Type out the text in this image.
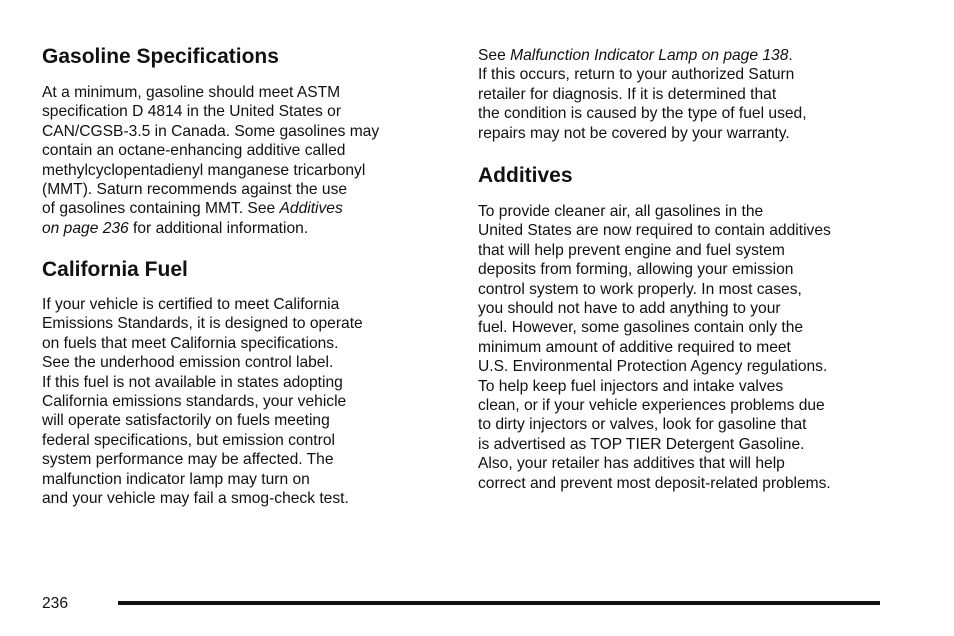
Gasoline Specifications

At a minimum, gasoline should meet ASTM
specification D 4814 in the United States or
CAN/CGSB-3.5 in Canada. Some gasolines may
contain an octane-enhancing additive called
methylcyclopentadienyl manganese tricarbonyl
(MMT). Saturn recommends against the use
of gasolines containing MMT. See Additives
on page 236 for additional information.

California Fuel

If your vehicle is certified to meet California
Emissions Standards, it is designed to operate
on fuels that meet California specifications.
See the underhood emission control label.
If this fuel is not available in states adopting
California emissions standards, your vehicle
will operate satisfactorily on fuels meeting
federal specifications, but emission control
system performance may be affected. The
malfunction indicator lamp may turn on
and your vehicle may fail a smog-check test.

See Malfunction Indicator Lamp on page 138.
If this occurs, return to your authorized Saturn
retailer for diagnosis. If it is determined that
the condition is caused by the type of fuel used,
repairs may not be covered by your warranty.

Additives

To provide cleaner air, all gasolines in the
United States are now required to contain additives
that will help prevent engine and fuel system
deposits from forming, allowing your emission
control system to work properly. In most cases,
you should not have to add anything to your
fuel. However, some gasolines contain only the
minimum amount of additive required to meet
U.S. Environmental Protection Agency regulations.
To help keep fuel injectors and intake valves
clean, or if your vehicle experiences problems due
to dirty injectors or valves, look for gasoline that
is advertised as TOP TIER Detergent Gasoline.
Also, your retailer has additives that will help
correct and prevent most deposit-related problems.

236
